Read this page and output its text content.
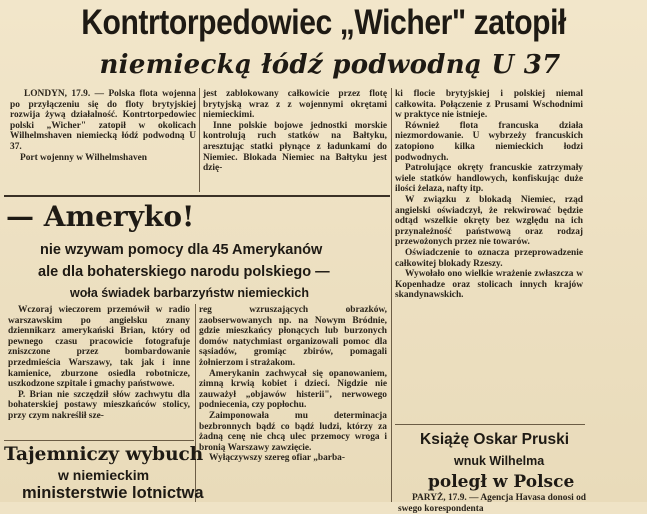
Kontrtorpedowiec „Wicher" zatopił
niemiecką łódź podwodną U 37

LONDYN, 17.9. — Polska flota wojenna po przyłączeniu się do floty brytyjskiej rozwija żywą działalność. Kontrtorpedowiec polski „Wicher" zatopił w okolicach Wilhelmshaven niemiecką łódź podwodną U 37.

Port wojenny w Wilhelmshaven

jest zablokowany całkowicie przez flotę brytyjską wraz z z wojennymi okrętami niemieckimi.

Inne polskie bojowe jednostki morskie kontrolują ruch statków na Bałtyku, aresztując statki płynące z ładunkami do Niemiec. Blokada Niemiec na Bałtyku jest dzię-

ki flocie brytyjskiej i polskiej niemal całkowita. Połączenie z Prusami Wschodnimi w praktyce nie istnieje.

Również flota francuska działa niezmordowanie. U wybrzeży francuskich zatopiono kilka niemieckich łodzi podwodnych.

Patrolujące okręty francuskie zatrzymały wiele statków handlowych, konfiskując duże ilości żelaza, nafty itp.

W związku z blokadą Niemiec, rząd angielski oświadczył, że rekwirować będzie odtąd wszelkie okręty bez względu na ich przynależność państwową oraz rodzaj przewożonych przez nie towarów.

Oświadczenie to oznacza przeprowadzenie całkowitej blokady Rzeszy.

Wywołało ono wielkie wrażenie zwłaszcza w Kopenhadze oraz stolicach innych krajów skandynawskich.

— Ameryko!
nie wzywam pomocy dla 45 Amerykanów
ale dla bohaterskiego narodu polskiego —
woła świadek barbarzyństw niemieckich

Wczoraj wieczorem przemówił w radio warszawskim po angielsku znany dziennikarz amerykański Brian, który od pewnego czasu pracowicie fotografuje zniszczone przez bombardowanie przedmieścia Warszawy, tak jak i inne kamienice, zburzone osiedla robotnicze, uszkodzone szpitale i gmachy państwowe.

P. Brian nie szczędził słów zachwytu dla bohaterskiej postawy mieszkańców stolicy, przy czym nakreślił sze-

reg wzruszających obrazków, zaobserwowanych np. na Nowym Bródnie, gdzie mieszkańcy płonących lub burzonych domów natychmiast organizowali pomoc dla sąsiadów, gromiąc zbirów, pomagali żołnierzom i strażakom.

Amerykanin zachwycał się opanowaniem, zimną krwią kobiet i dzieci. Nigdzie nie zauważył „objawów histerii", nerwowego podniecenia, czy popłochu.

Zaimponowała mu determinacja bezbronnych bądź co bądź ludzi, którzy za żadną cenę nie chcą ulec przemocy wroga i bronią Warszawy zawzięcie.

Wyłączywszy szereg ofiar „barba-

Tajemniczy wybuch
w niemieckim
ministerstwie lotnictwa
Książę Oskar Pruski
wnuk Wilhelma
poległ w Polsce

PARYŻ, 17.9. — Agencja Havasa donosi od swego korespondenta
